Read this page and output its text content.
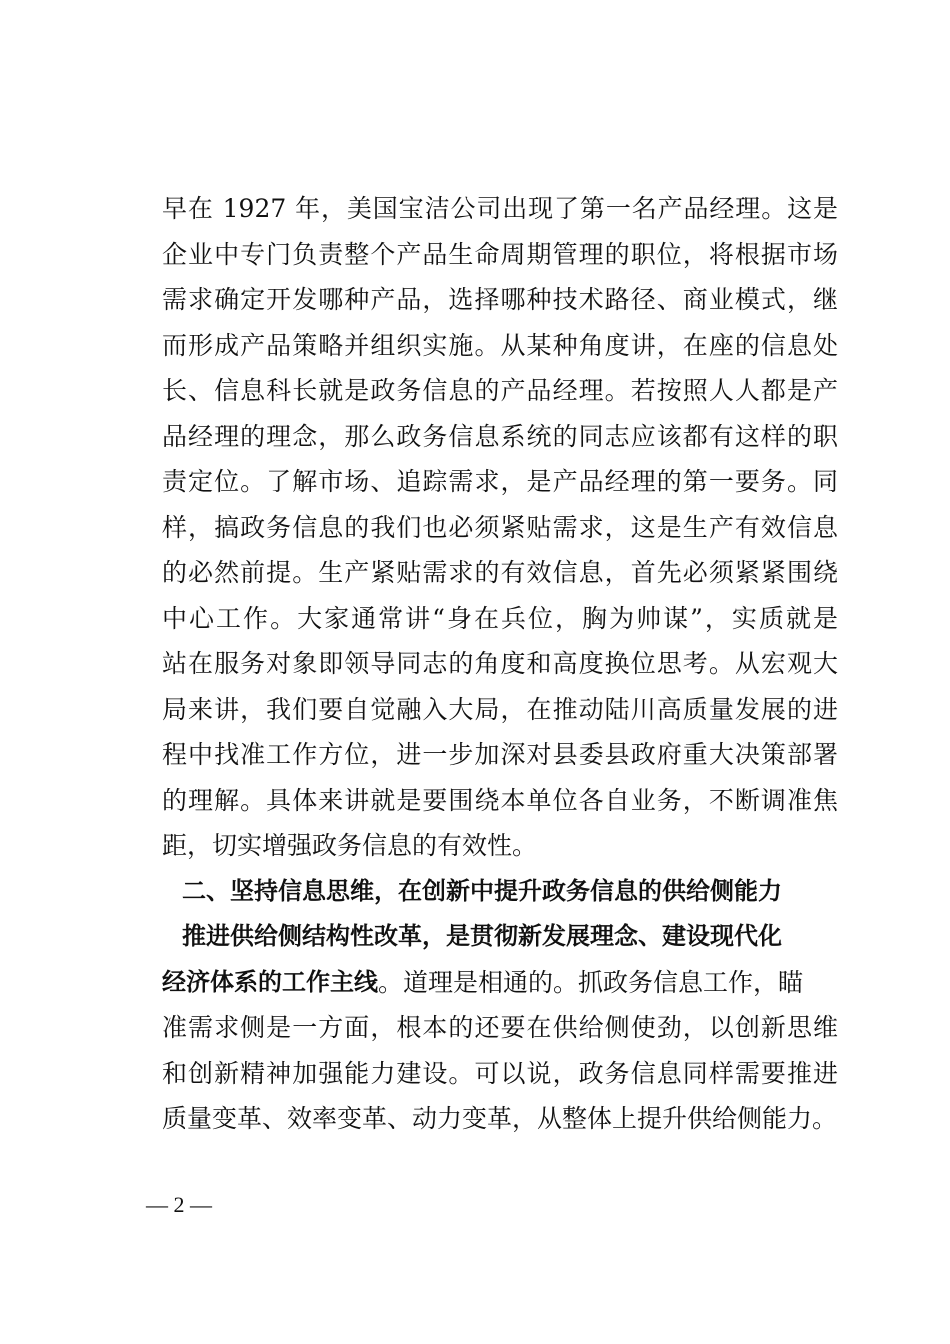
早在 1927 年，美国宝洁公司出现了第一名产品经理。这是
企业中专门负责整个产品生命周期管理的职位，将根据市场
需求确定开发哪种产品，选择哪种技术路径、商业模式，继
而形成产品策略并组织实施。从某种角度讲，在座的信息处
长、信息科长就是政务信息的产品经理。若按照人人都是产
品经理的理念，那么政务信息系统的同志应该都有这样的职
责定位。了解市场、追踪需求，是产品经理的第一要务。同
样，搞政务信息的我们也必须紧贴需求，这是生产有效信息
的必然前提。生产紧贴需求的有效信息，首先必须紧紧围绕
中心工作。大家通常讲“身在兵位，胸为帅谋”，实质就是
站在服务对象即领导同志的角度和高度换位思考。从宏观大
局来讲，我们要自觉融入大局，在推动陆川高质量发展的进
程中找准工作方位，进一步加深对县委县政府重大决策部署
的理解。具体来讲就是要围绕本单位各自业务，不断调准焦
距，切实增强政务信息的有效性。
二、坚持信息思维，在创新中提升政务信息的供给侧能力
推进供给侧结构性改革，是贯彻新发展理念、建设现代化
经济体系的工作主线 。道理是相通的。抓政务信息工作，瞄
准需求侧是一方面，根本的还要在供给侧使劲，以创新思维
和创新精神加强能力建设。可以说，政务信息同样需要推进
质量变革、效率变革、动力变革，从整体上提升供给侧能力。
— 2 —
